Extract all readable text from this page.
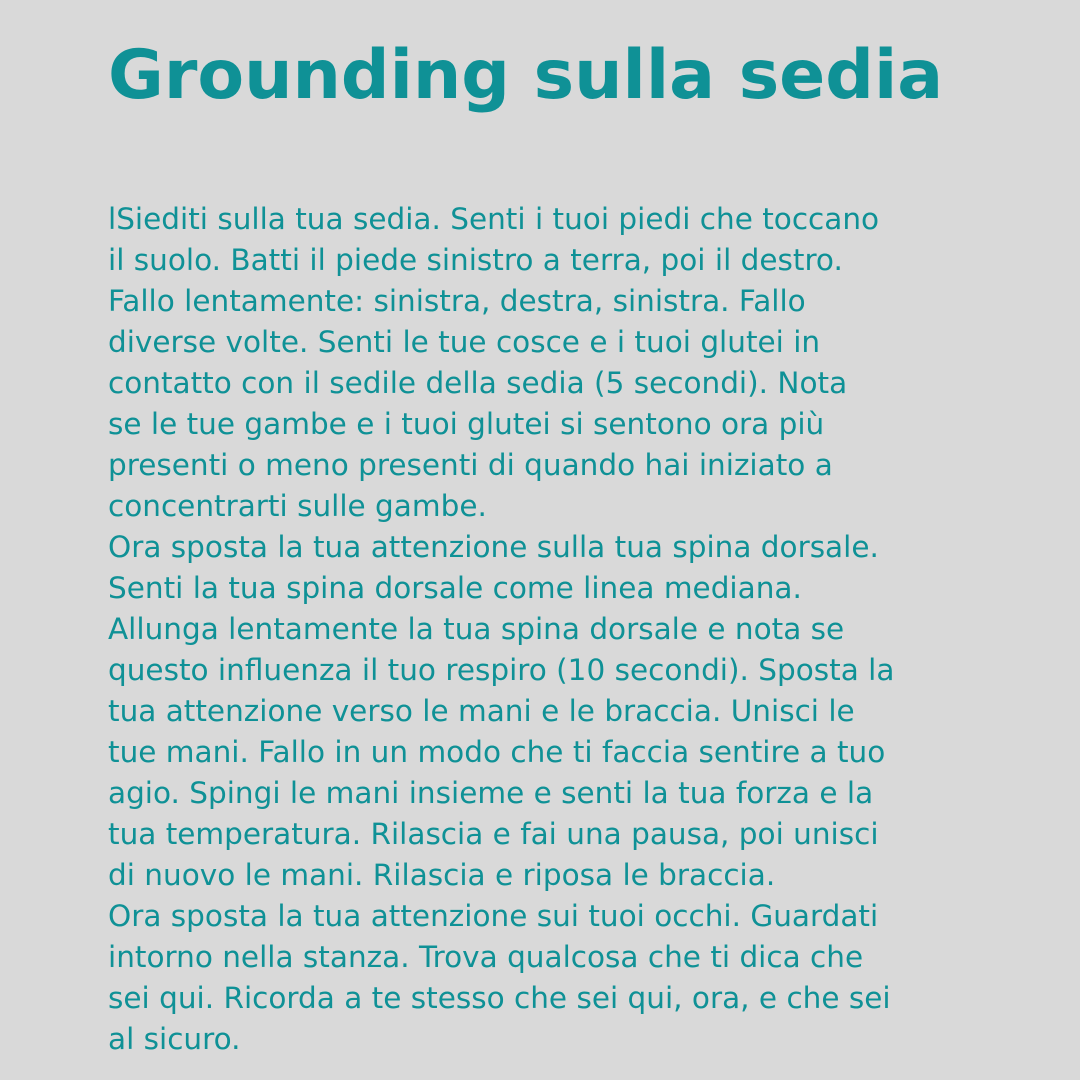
Grounding sulla sedia
lSiediti sulla tua sedia. Senti i tuoi piedi che toccano
il suolo. Batti il piede sinistro a terra, poi il destro.
Fallo lentamente: sinistra, destra, sinistra. Fallo
diverse volte. Senti le tue cosce e i tuoi glutei in
contatto con il sedile della sedia (5 secondi). Nota
se le tue gambe e i tuoi glutei si sentono ora più
presenti o meno presenti di quando hai iniziato a
concentrarti sulle gambe.
Ora sposta la tua attenzione sulla tua spina dorsale.
Senti la tua spina dorsale come linea mediana.
Allunga lentamente la tua spina dorsale e nota se
questo influenza il tuo respiro (10 secondi). Sposta la
tua attenzione verso le mani e le braccia. Unisci le
tue mani. Fallo in un modo che ti faccia sentire a tuo
agio. Spingi le mani insieme e senti la tua forza e la
tua temperatura. Rilascia e fai una pausa, poi unisci
di nuovo le mani. Rilascia e riposa le braccia.
Ora sposta la tua attenzione sui tuoi occhi. Guardati
intorno nella stanza. Trova qualcosa che ti dica che
sei qui. Ricorda a te stesso che sei qui, ora, e che sei
al sicuro.
